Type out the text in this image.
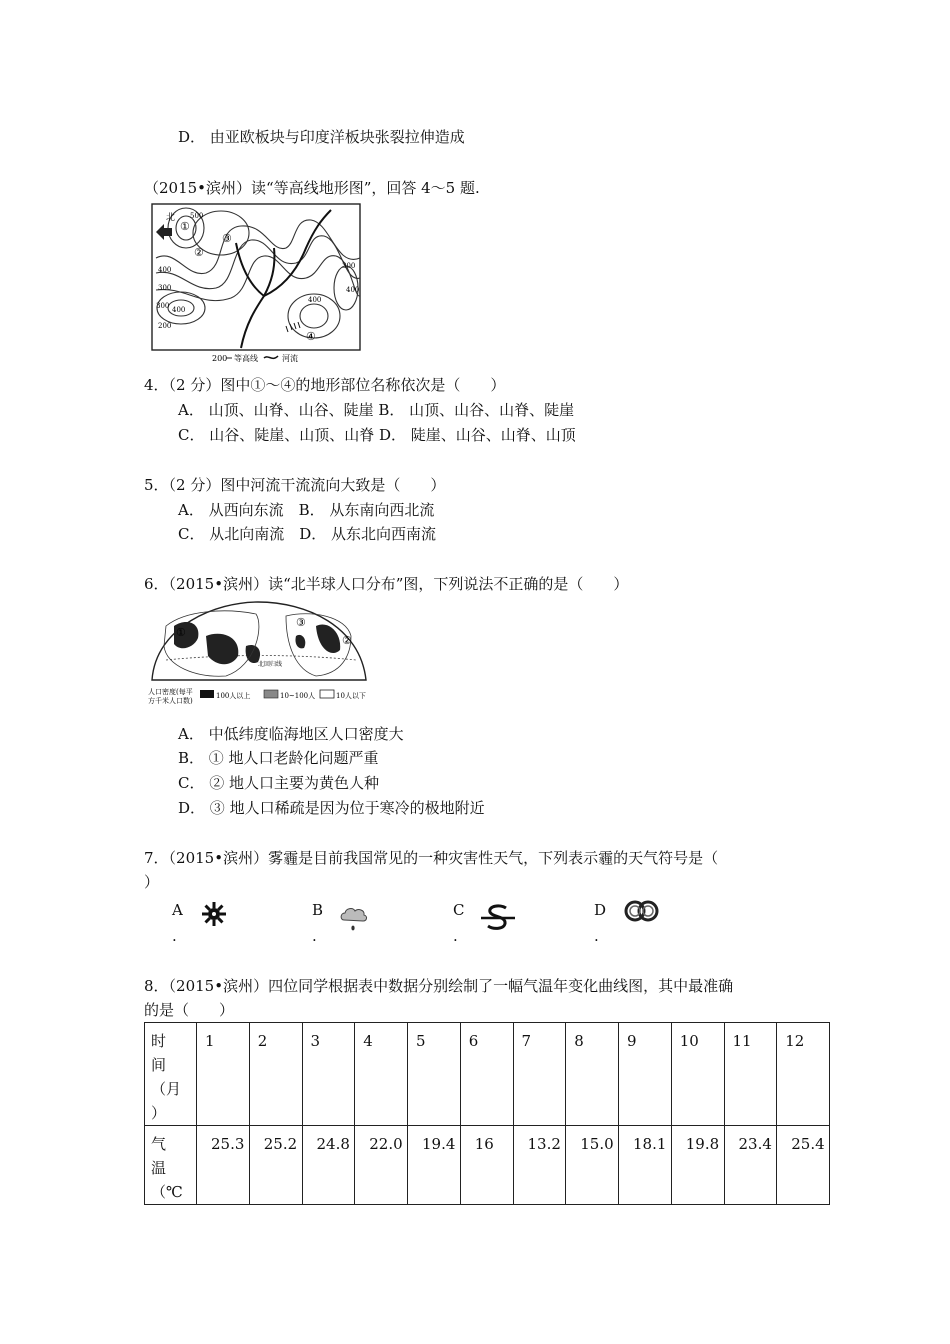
D． 由亚欧板块与印度洋板块张裂拉伸造成
（2015•滨州）读“等高线地形图”，回答 4～5 题.
北
①
②
③
④
500
400
300
400
300
200
400
300
400
200 等高线	河流
4．（2 分）图中①～④的地形部位名称依次是（　　）
A． 山顶、山脊、山谷、陡崖 B． 山顶、山谷、山脊、陡崖
C． 山谷、陡崖、山顶、山脊 D． 陡崖、山谷、山脊、山顶
5．（2 分）图中河流干流流向大致是（　　）
A． 从西向东流　B． 从东南向西北流
C． 从北向南流　D． 从东北向西南流
6．（2015•滨州）读“北半球人口分布”图，下列说法不正确的是（　　）
①
②
③
北回归线
人口密度(每平
方千米人口数)
100人以上	10~100人	10人以下
A． 中低纬度临海地区人口密度大
B． ① 地人口老龄化问题严重
C． ② 地人口主要为黄色人种
D． ③ 地人口稀疏是因为位于寒冷的极地附近
7．（2015•滨州）雾霾是目前我国常见的一种灾害性天气，下列表示霾的天气符号是（
）
A
.
B
.
C
.
D
.
8．（2015•滨州）四位同学根据表中数据分别绘制了一幅气温年变化曲线图，其中最准确
的是（　　）
时
间
（月
）	1	2	3	4	5	6	7	8	9	10	11	12

气
温
（℃	25.3	25.2	24.8	22.0	19.4	16	13.2	15.0	18.1	19.8	23.4	25.4
